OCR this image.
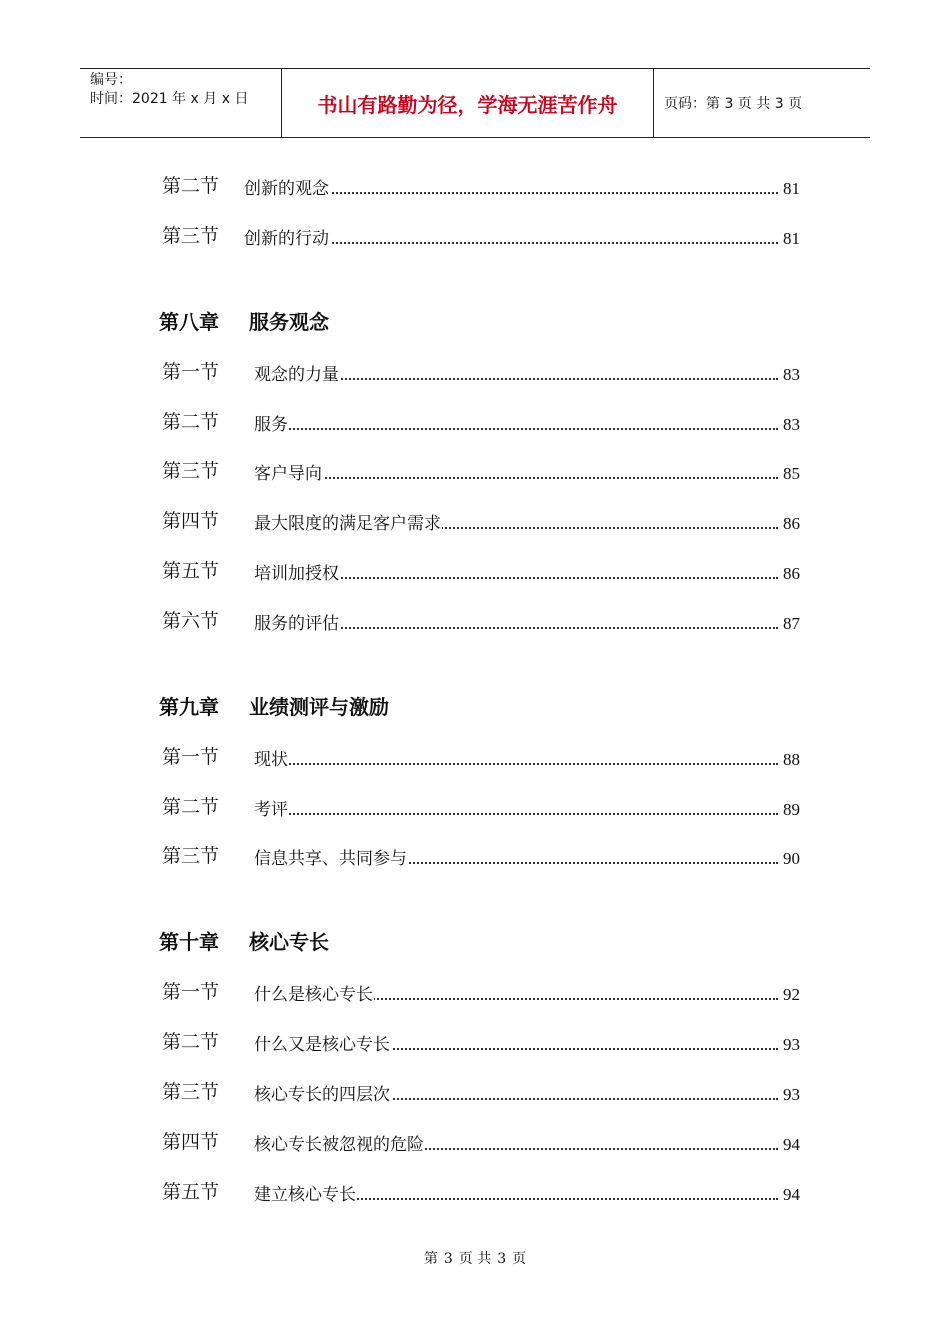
编号：
时间：2021 年 x 月 x 日	书山有路勤为径，学海无涯苦作舟	页码：第 3 页 共 3 页
第二节 创新的观念	81
第三节 创新的行动	81
第八章 服务观念
第一节 观念的力量	83
第二节 服务	83
第三节 客户导向	85
第四节 最大限度的满足客户需求	86
第五节 培训加授权	86
第六节 服务的评估	87
第九章 业绩测评与激励
第一节 现状	88
第二节 考评	89
第三节 信息共享、共同参与	90
第十章 核心专长
第一节 什么是核心专长	92
第二节 什么又是核心专长	93
第三节 核心专长的四层次	93
第四节 核心专长被忽视的危险	94
第五节 建立核心专长	94
第 3 页 共 3 页
